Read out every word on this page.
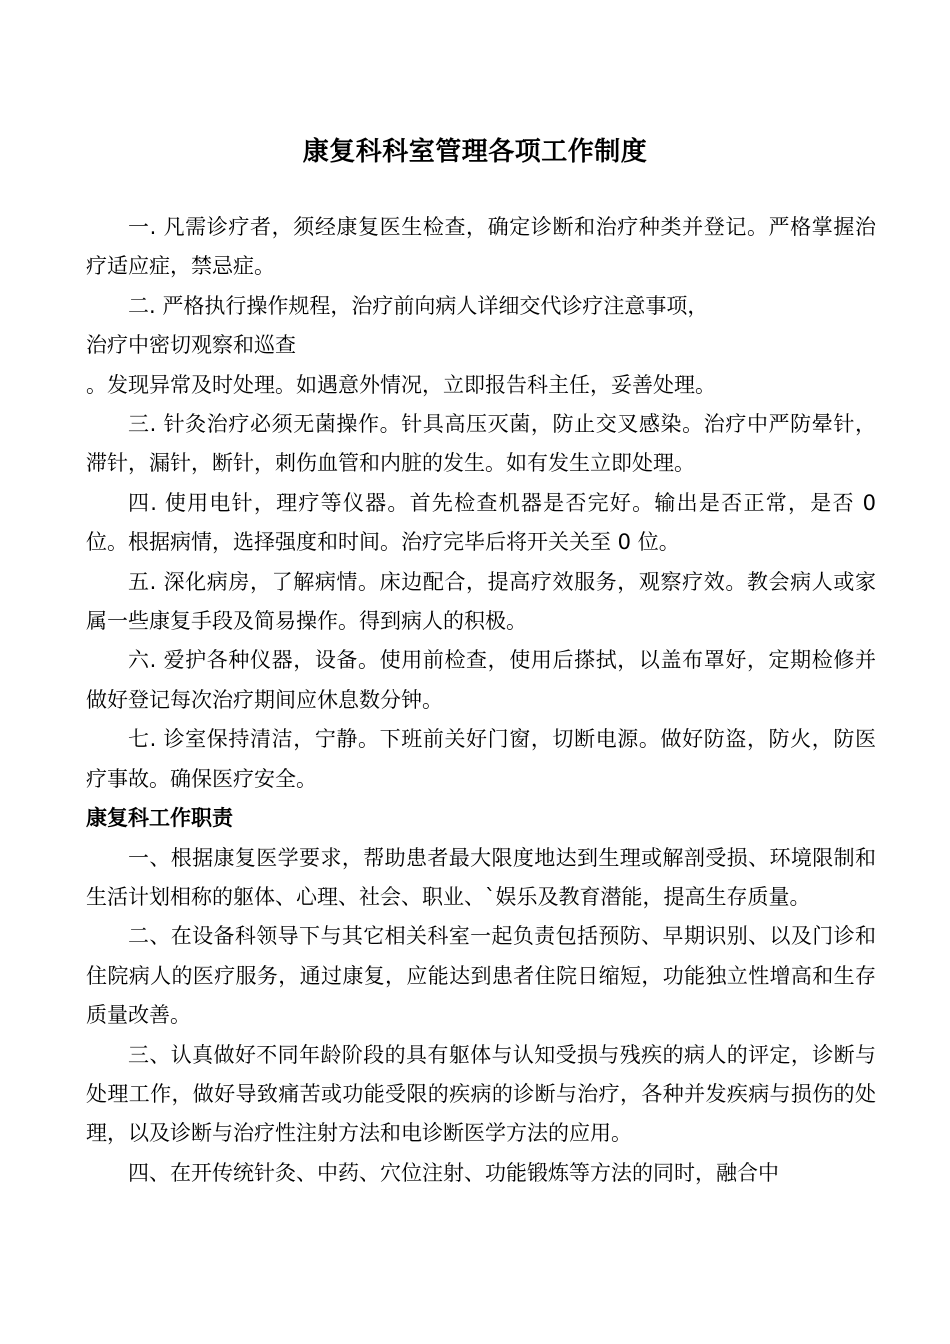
康复科科室管理各项工作制度

一. 凡需诊疗者，须经康复医生检查，确定诊断和治疗种类并登记。严格掌握治疗适应症，禁忌症。

二. 严格执行操作规程，治疗前向病人详细交代诊疗注意事项，

治疗中密切观察和巡查

。发现异常及时处理。如遇意外情况，立即报告科主任，妥善处理。

三. 针灸治疗必须无菌操作。针具高压灭菌，防止交叉感染。治疗中严防晕针，滞针，漏针，断针，刺伤血管和内脏的发生。如有发生立即处理。

四. 使用电针，理疗等仪器。首先检查机器是否完好。输出是否正常，是否 0 位。根据病情，选择强度和时间。治疗完毕后将开关关至 0 位。

五. 深化病房，了解病情。床边配合，提高疗效服务，观察疗效。教会病人或家属一些康复手段及简易操作。得到病人的积极。

六. 爱护各种仪器，设备。使用前检查，使用后搽拭，以盖布罩好，定期检修并做好登记每次治疗期间应休息数分钟。

七. 诊室保持清洁，宁静。下班前关好门窗，切断电源。做好防盗，防火，防医疗事故。确保医疗安全。

康复科工作职责

一、根据康复医学要求，帮助患者最大限度地达到生理或解剖受损、环境限制和生活计划相称的躯体、心理、社会、职业、`娱乐及教育潜能，提高生存质量。

二、在设备科领导下与其它相关科室一起负责包括预防、早期识别、以及门诊和住院病人的医疗服务，通过康复，应能达到患者住院日缩短，功能独立性增高和生存质量改善。

三、认真做好不同年龄阶段的具有躯体与认知受损与残疾的病人的评定，诊断与处理工作，做好导致痛苦或功能受限的疾病的诊断与治疗，各种并发疾病与损伤的处理，以及诊断与治疗性注射方法和电诊断医学方法的应用。

四、在开传统针灸、中药、穴位注射、功能锻炼等方法的同时，融合中
